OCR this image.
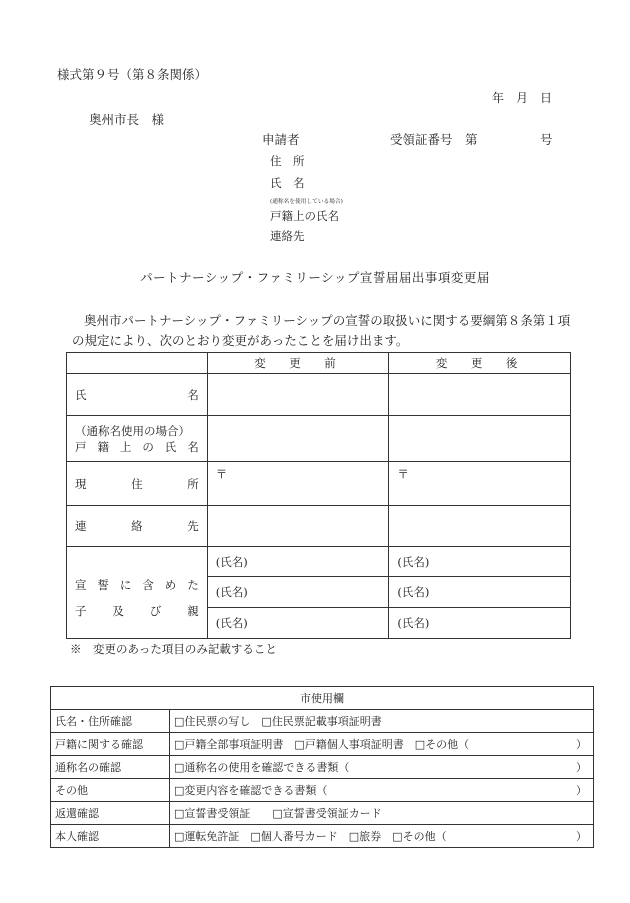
様式第９号（第８条関係）
年　月　日
奥州市長　様
申請者	受領証番号　第　　　　　号
住　所
氏　名
(通称名を使用している場合)
戸籍上の氏名
連絡先
パートナーシップ・ファミリーシップ宣誓届届出事項変更届
奥州市パートナーシップ・ファミリーシップの宣誓の取扱いに関する要綱第８条第１項の規定により、次のとおり変更があったことを届け出ます。
	変　更　前	変　更　後
氏名		

（通称名使用の場合）
戸籍上の氏名		

現住所	〒	〒
連絡先		

宣誓に含めた
子及び親	(氏名)	(氏名)
	(氏名)	(氏名)
	(氏名)	(氏名)
※　変更のあった項目のみ記載すること
市使用欄	
氏名・住所確認	□住民票の写し　□住民票記載事項証明書
戸籍に関する確認	□戸籍全部事項証明書　□戸籍個人事項証明書　□その他（ ）

通称名の確認	□通称名の使用を確認できる書類（ ）

その他	□変更内容を確認できる書類（ ）

返還確認	□宣誓書受領証　　□宣誓書受領証カード
本人確認	□運転免許証　□個人番号カード　□旅券　□その他（ ）
